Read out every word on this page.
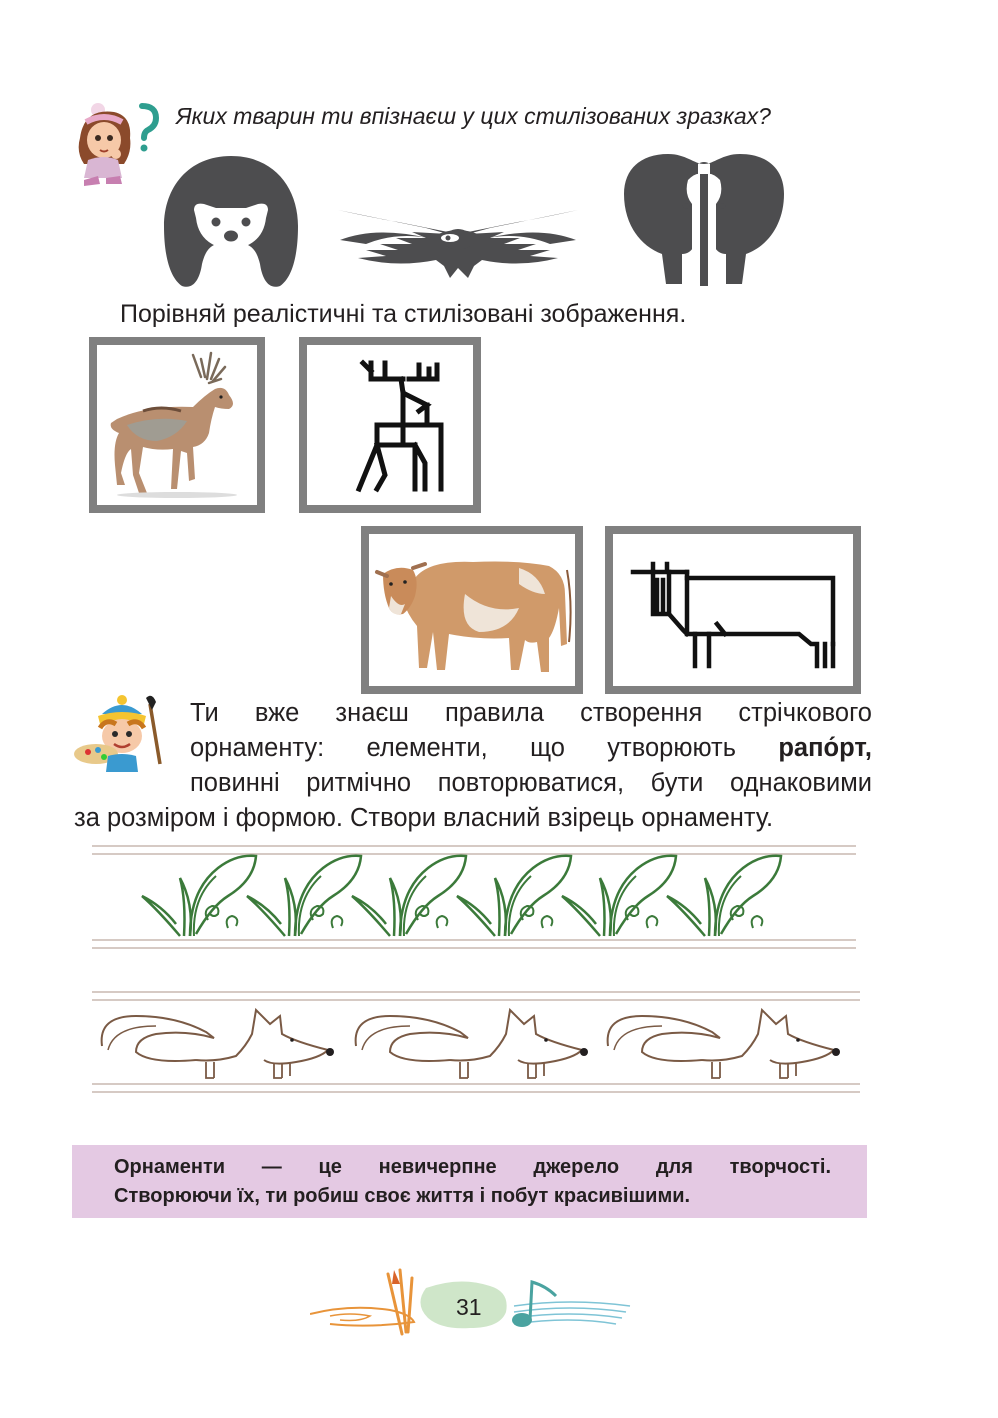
Яких тварин ти впізнаєш у цих стилізованих зразках?
Порівняй реалістичні та стилізовані зображення.
Ти вже знаєш правила створення стрічкового
орнаменту: елементи, що утворюють рапо́рт,
повинні ритмічно повторюватися, бути однаковими
за розміром і формою. Створи власний взірець орнаменту.
Орнаменти — це невичерпне джерело для творчості.
Створюючи їх, ти робиш своє життя і побут красивішими.
31
